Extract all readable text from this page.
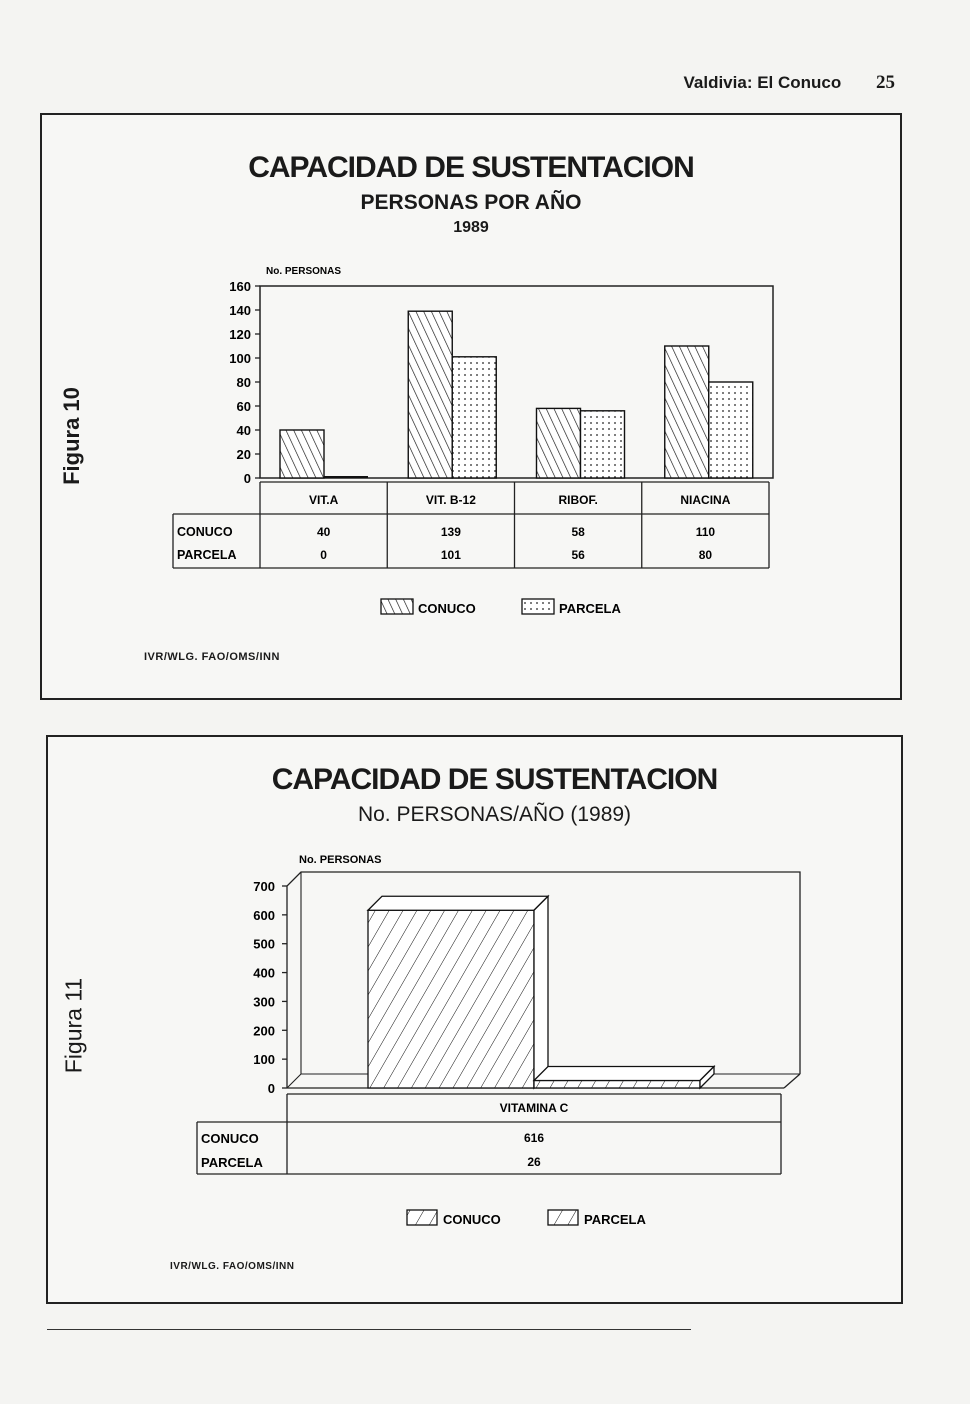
Valdivia: El Conuco 25
CAPACIDAD DE SUSTENTACION
PERSONAS POR AÑO
1989
IVR/WLG. FAO/OMS/INN
Figura 10
No. PERSONAS
0
20
40
60
80
100
120
140
160
VIT.A
40
0
VIT. B-12
139
101
RIBOF.
58
56
NIACINA
110
80
CONUCO
PARCELA
CONUCO	PARCELA
CAPACIDAD DE SUSTENTACION
No. PERSONAS/AÑO (1989)
IVR/WLG. FAO/OMS/INN
Figura 11
No. PERSONAS
0
100
200
300
400
500
600
700
VITAMINA C
616
CONUCO
26
PARCELA
CONUCO	PARCELA
